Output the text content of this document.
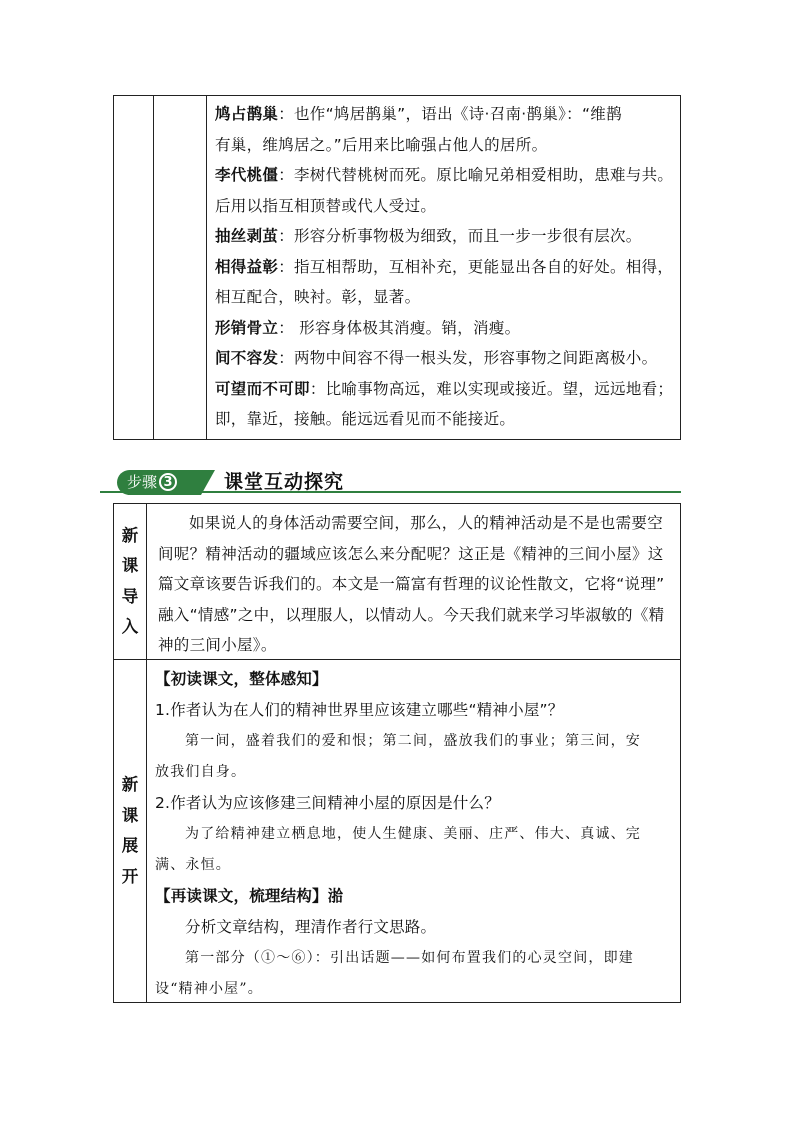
鸠占鹊巢：也作“鸠居鹊巢”，语出《诗·召南·鹊巢》：“维鹊
有巢，维鸠居之。”后用来比喻强占他人的居所。
李代桃僵：李树代替桃树而死。原比喻兄弟相爱相助，患难与共。
后用以指互相顶替或代人受过。
抽丝剥茧：形容分析事物极为细致，而且一步一步很有层次。
相得益彰：指互相帮助，互相补充，更能显出各自的好处。相得，
相互配合，映衬。彰，显著。
形销骨立： 形容身体极其消瘦。销，消瘦。
间不容发：两物中间容不得一根头发，形容事物之间距离极小。
可望而不可即：比喻事物高远，难以实现或接近。望，远远地看；
即，靠近，接触。能远远看见而不能接近。
步骤 3	课堂互动探究
新
课
导
入

如果说人的身体活动需要空间，那么，人的精神活动是不是也需要空

间呢？精神活动的疆域应该怎么来分配呢？这正是《精神的三间小屋》这

篇文章该要告诉我们的。本文是一篇富有哲理的议论性散文，它将“说理”

融入“情感”之中，以理服人，以情动人。今天我们就来学习毕淑敏的《精

神的三间小屋》。

新
课
展
开

【初读课文，整体感知】

1.作者认为在人们的精神世界里应该建立哪些“精神小屋”？

第一间，盛着我们的爱和恨；第二间，盛放我们的事业；第三间，安

放我们自身。

2.作者认为应该修建三间精神小屋的原因是什么？

为了给精神建立栖息地，使人生健康、美丽、庄严、伟大、真诚、完

满、永恒。

【再读课文，梳理结构】湁

分析文章结构，理清作者行文思路。

第一部分（①～⑥）：引出话题——如何布置我们的心灵空间，即建

设“精神小屋”。
